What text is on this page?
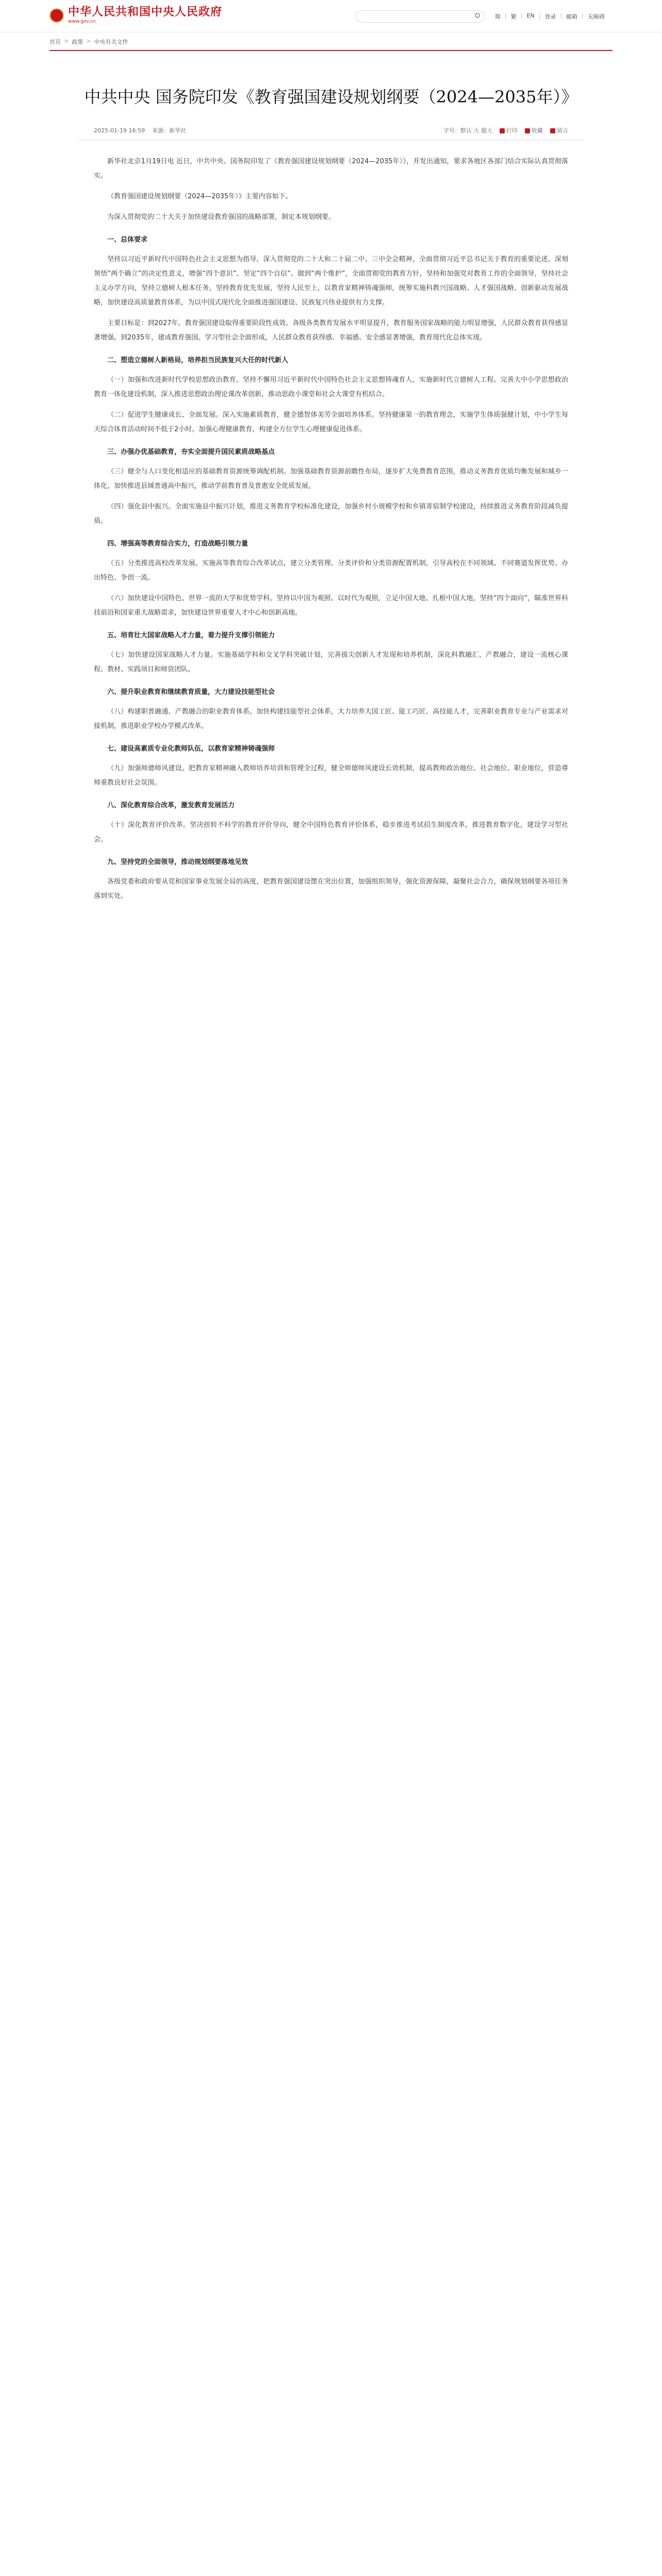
中华人民共和国中央人民政府
www.gov.cn
简 | 繁 | EN | 登录 | 邮箱 | 无障碍
首页 > 政策 > 中央有关文件
中共中央 国务院印发《教育强国建设规划纲要（2024—2035年）》
2025-01-19 16:59 来源：新华社	字号：默认 大 超大	打印	收藏	留言
新华社北京1月19日电 近日，中共中央、国务院印发了《教育强国建设规划纲要（2024—2035年）》，并发出通知，要求各地区各部门结合实际认真贯彻落实。
《教育强国建设规划纲要（2024—2035年）》主要内容如下。
为深入贯彻党的二十大关于加快建设教育强国的战略部署，制定本规划纲要。
一、总体要求
坚持以习近平新时代中国特色社会主义思想为指导，深入贯彻党的二十大和二十届二中、三中全会精神，全面贯彻习近平总书记关于教育的重要论述，深刻领悟“两个确立”的决定性意义，增强“四个意识”、坚定“四个自信”、做到“两个维护”，全面贯彻党的教育方针，坚持和加强党对教育工作的全面领导，坚持社会主义办学方向，坚持立德树人根本任务，坚持教育优先发展，坚持人民至上，以教育家精神铸魂强师，统筹实施科教兴国战略、人才强国战略、创新驱动发展战略，加快建设高质量教育体系，为以中国式现代化全面推进强国建设、民族复兴伟业提供有力支撑。
主要目标是：到2027年，教育强国建设取得重要阶段性成效。各级各类教育发展水平明显提升，教育服务国家战略的能力明显增强，人民群众教育获得感显著增强。到2035年，建成教育强国。学习型社会全面形成，人民群众教育获得感、幸福感、安全感显著增强，教育现代化总体实现。
二、塑造立德树人新格局，培养担当民族复兴大任的时代新人
（一）加强和改进新时代学校思想政治教育。坚持不懈用习近平新时代中国特色社会主义思想铸魂育人，实施新时代立德树人工程。完善大中小学思想政治教育一体化建设机制，深入推进思想政治理论课改革创新，推动思政小课堂和社会大课堂有机结合。
（二）促进学生健康成长、全面发展。深入实施素质教育，健全德智体美劳全面培养体系。坚持健康第一的教育理念，实施学生体质强健计划，中小学生每天综合体育活动时间不低于2小时。加强心理健康教育，构建全方位学生心理健康促进体系。
三、办强办优基础教育，夯实全面提升国民素质战略基点
（三）健全与人口变化相适应的基础教育资源统筹调配机制。加强基础教育资源前瞻性布局，逐步扩大免费教育范围，推动义务教育优质均衡发展和城乡一体化，加快推进县域普通高中振兴，推动学前教育普及普惠安全优质发展。
（四）强化县中振兴。全面实施县中振兴计划，推进义务教育学校标准化建设，加强乡村小规模学校和乡镇寄宿制学校建设，持续推进义务教育阶段减负提质。
四、增强高等教育综合实力，打造战略引领力量
（五）分类推进高校改革发展。实施高等教育综合改革试点，建立分类管理、分类评价和分类资源配置机制，引导高校在不同领域、不同赛道发挥优势、办出特色、争创一流。
（六）加快建设中国特色、世界一流的大学和优势学科。坚持以中国为观照、以时代为观照，立足中国大地、扎根中国大地，坚持“四个面向”，瞄准世界科技前沿和国家重大战略需求，加快建设世界重要人才中心和创新高地。
五、培育壮大国家战略人才力量，着力提升支撑引领能力
（七）加快建设国家战略人才力量。实施基础学科和交叉学科突破计划，完善拔尖创新人才发现和培养机制，深化科教融汇、产教融合，建设一流核心课程、教材、实践项目和师资团队。
六、提升职业教育和继续教育质量，大力建设技能型社会
（八）构建职普融通、产教融合的职业教育体系。加快构建技能型社会体系，大力培养大国工匠、能工巧匠、高技能人才，完善职业教育专业与产业需求对接机制，推进职业学校办学模式改革。
七、建设高素质专业化教师队伍，以教育家精神铸魂强师
（九）加强师德师风建设。把教育家精神融入教师培养培训和管理全过程，健全师德师风建设长效机制，提高教师政治地位、社会地位、职业地位，营造尊师重教良好社会氛围。
八、深化教育综合改革，激发教育发展活力
（十）深化教育评价改革。坚决扭转不科学的教育评价导向，健全中国特色教育评价体系，稳步推进考试招生制度改革，推进教育数字化，建设学习型社会。
九、坚持党的全面领导，推动规划纲要落地见效
各级党委和政府要从党和国家事业发展全局的高度，把教育强国建设摆在突出位置，加强组织领导，强化资源保障，凝聚社会合力，确保规划纲要各项任务落到实处。
